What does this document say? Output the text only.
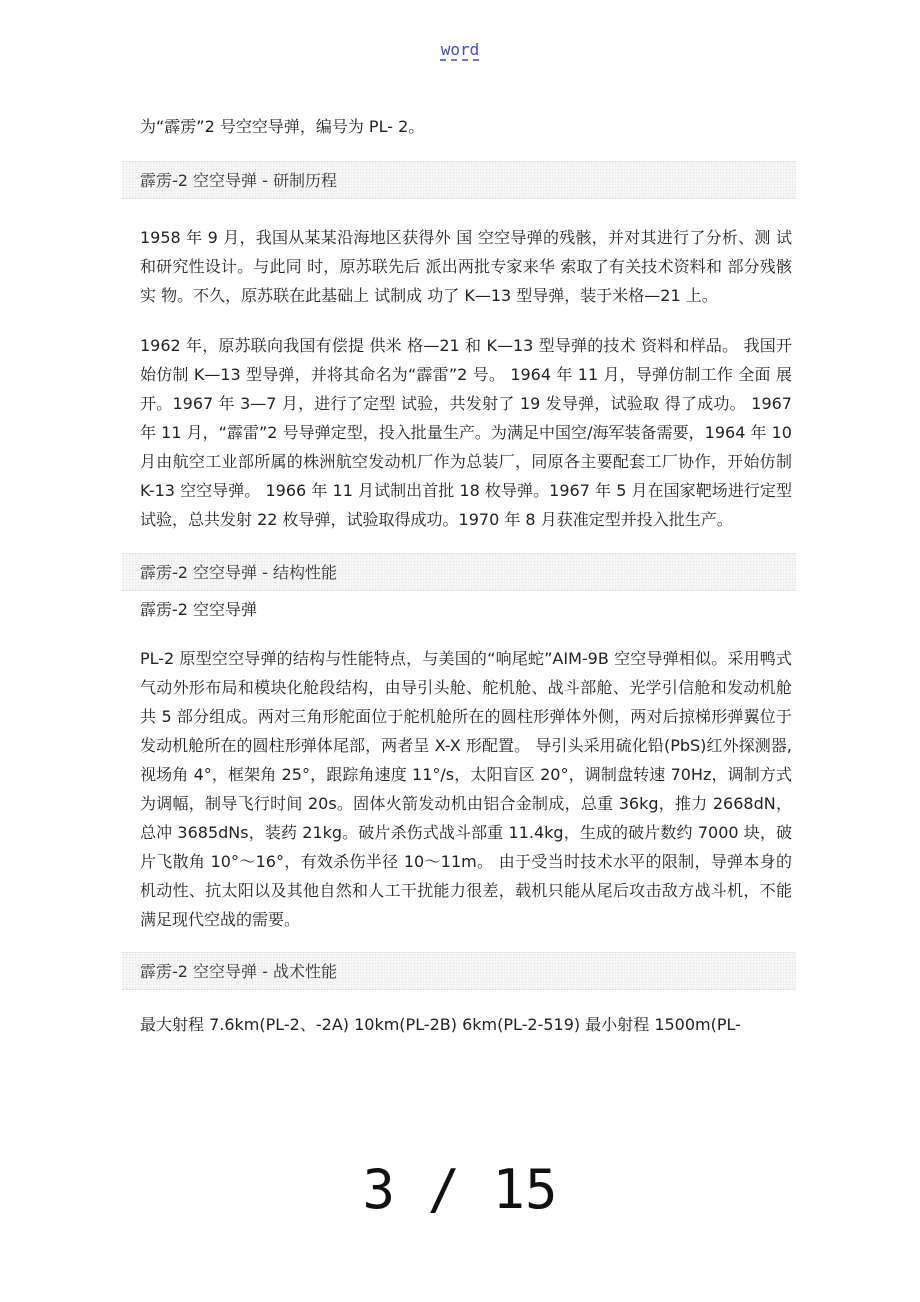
word

为“霹雳”2 号空空导弹，编号为 PL- 2。

霹雳-2 空空导弹 - 研制历程

1958 年 9 月，我国从某某沿海地区获得外 国 空空导弹的残骸，并对其进行了分析、测 试和研究性设计。与此同 时，原苏联先后 派出两批专家来华 索取了有关技术资料和 部分残骸实 物。不久，原苏联在此基础上 试制成 功了 K—13 型导弹，装于米格—21 上。

1962 年，原苏联向我国有偿提 供米 格—21 和 K—13 型导弹的技术 资料和样品。 我国开始仿制 K—13 型导弹，并将其命名为“霹雷”2 号。 1964 年 11 月，导弹仿制工作 全面 展开。1967 年 3—7 月，进行了定型 试验，共发射了 19 发导弹，试验取 得了成功。 1967 年 11 月，“霹雷”2 号导弹定型，投入批量生产。为满足中国空/海军装备需要，1964 年 10 月由航空工业部所属的株洲航空发动机厂作为总装厂，同原各主要配套工厂协作，开始仿制 K-13 空空导弹。 1966 年 11 月试制出首批 18 枚导弹。1967 年 5 月在国家靶场进行定型试验，总共发射 22 枚导弹，试验取得成功。1970 年 8 月获准定型并投入批生产。

霹雳-2 空空导弹 - 结构性能

霹雳-2 空空导弹

PL-2 原型空空导弹的结构与性能特点，与美国的“响尾蛇”AIM-9B 空空导弹相似。采用鸭式气动外形布局和模块化舱段结构，由导引头舱、舵机舱、战斗部舱、光学引信舱和发动机舱共 5 部分组成。两对三角形舵面位于舵机舱所在的圆柱形弹体外侧，两对后掠梯形弹翼位于发动机舱所在的圆柱形弹体尾部，两者呈 X-X 形配置。 导引头采用硫化铅(PbS)红外探测器,视场角 4°，框架角 25°，跟踪角速度 11°/s，太阳盲区 20°，调制盘转速 70Hz，调制方式为调幅，制导飞行时间 20s。固体火箭发动机由铝合金制成，总重 36kg，推力 2668dN，总冲 3685dNs，装药 21kg。破片杀伤式战斗部重 11.4kg，生成的破片数约 7000 块，破片飞散角 10°～16°，有效杀伤半径 10～11m。 由于受当时技术水平的限制，导弹本身的机动性、抗太阳以及其他自然和人工干扰能力很差，载机只能从尾后攻击敌方战斗机，不能满足现代空战的需要。

霹雳-2 空空导弹 - 战术性能

最大射程 7.6km(PL-2、-2A) 10km(PL-2B) 6km(PL-2-519) 最小射程 1500m(PL-

3 / 15
